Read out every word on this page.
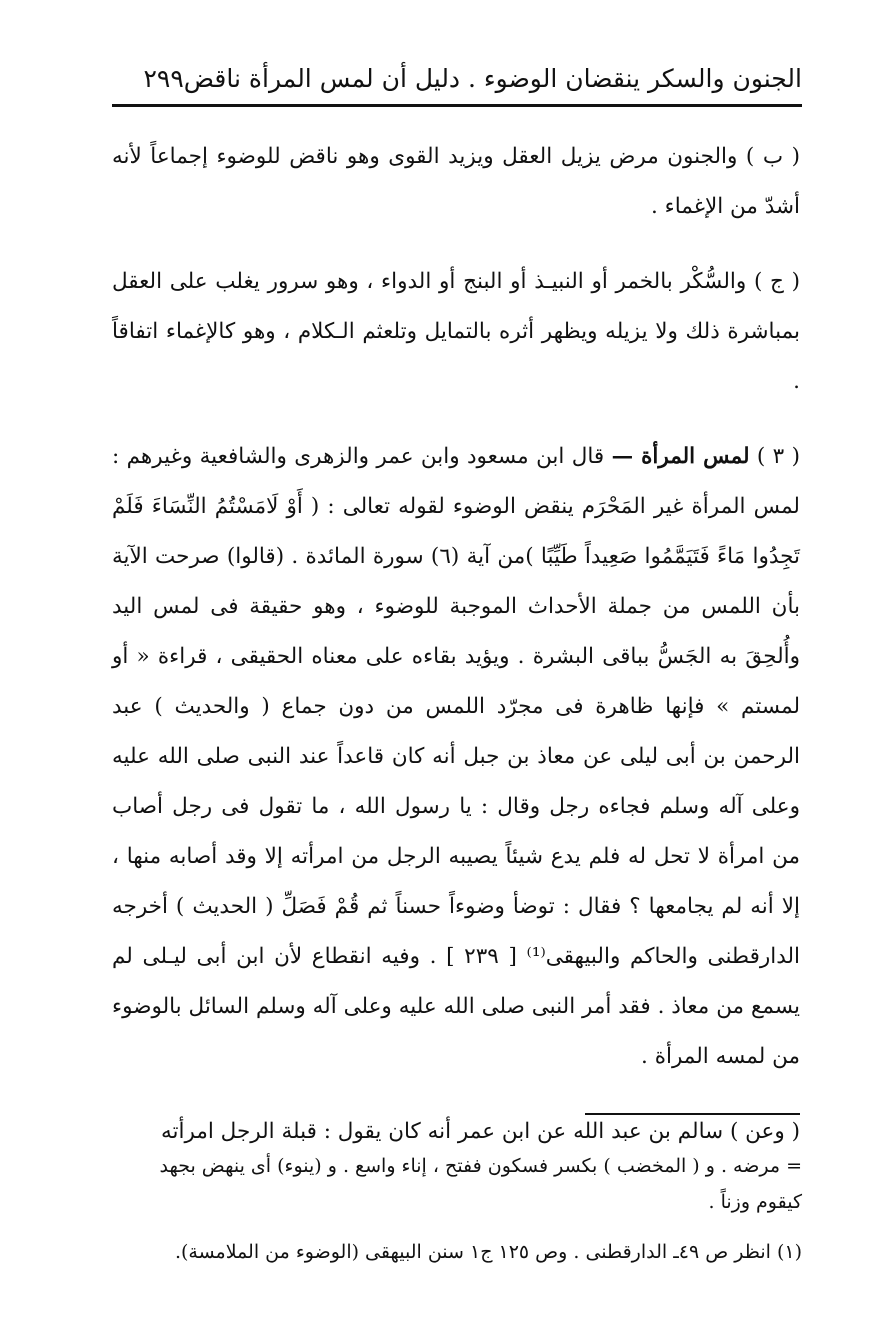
الجنون والسكر ينقضان الوضوء . دليل أن لمس المرأة ناقض
٢٩٩

( ب ) والجنون مرض يزيل العقل ويزيد القوى وهو ناقض للوضوء إجماعاً لأنه أشدّ من الإغماء .

( ج ) والسُّكْر بالخمر أو النبيـذ أو البنج أو الدواء ، وهو سرور يغلب على العقل بمباشرة ذلك ولا يزيله ويظهر أثره بالتمايل وتلعثم الـكلام ، وهو كالإغماء اتفاقاً .

( ٣ ) لمس المرأة — قال ابن مسعود وابن عمر والزهرى والشافعية وغيرهم : لمس المرأة غير المَحْرَم ينقض الوضوء لقوله تعالى : ( أَوْ لَامَسْتُمُ النِّسَاءَ فَلَمْ تَجِدُوا مَاءً فَتَيَمَّمُوا صَعِيداً طَيِّبًا )من آية (٦) سورة المائدة . (قالوا) صرحت الآية بأن اللمس من جملة الأحداث الموجبة للوضوء ، وهو حقيقة فى لمس اليد وأُلحِقَ به الجَسُّ بباقى البشرة . ويؤيد بقاءه على معناه الحقيقى ، قراءة « أو لمستم » فإنها ظاهرة فى مجرّد اللمس من دون جماع ( والحديث ) عبد الرحمن بن أبى ليلى عن معاذ بن جبل أنه كان قاعداً عند النبى صلى الله عليه وعلى آله وسلم فجاءه رجل وقال : يا رسول الله ، ما تقول فى رجل أصاب من امرأة لا تحل له فلم يدع شيئاً يصيبه الرجل من امرأته إلا وقد أصابه منها ، إلا أنه لم يجامعها ؟ فقال : توضأ وضوءاً حسناً ثم قُمْ فَصَلِّ ( الحديث ) أخرجه الدارقطنى والحاكم والبيهقى⁽¹⁾ [ ٢٣٩ ] . وفيه انقطاع لأن ابن أبى ليـلى لم يسمع من معاذ . فقد أمر النبى صلى الله عليه وعلى آله وسلم السائل بالوضوء من لمسه المرأة .

( وعن ) سالم بن عبد الله عن ابن عمر أنه كان يقول : قبلة الرجل امرأته

= مرضه . و ( المخضب ) بكسر فسكون ففتح ، إناء واسع . و (ينوء) أى ينهض بجهد كيقوم وزناً .

(١) انظر ص ٤٩ـ الدارقطنى . وص ١٢٥ ج١ سنن البيهقى (الوضوء من الملامسة).
